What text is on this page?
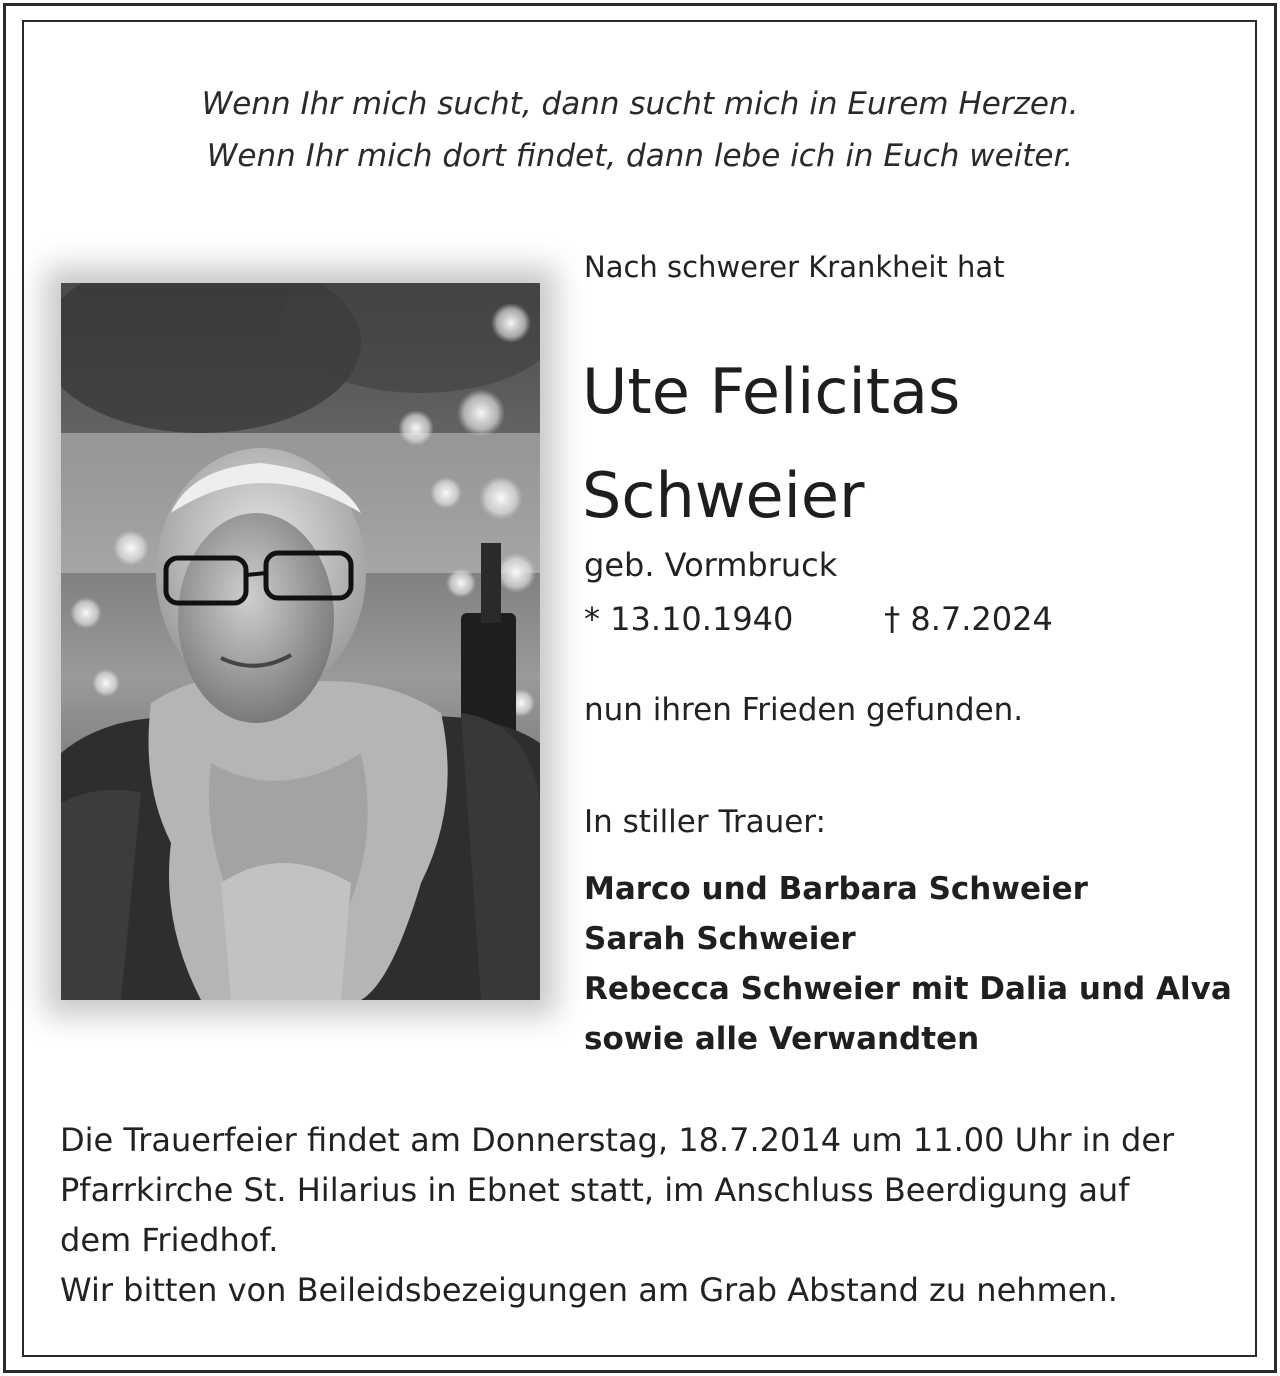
Wenn Ihr mich sucht, dann sucht mich in Eurem Herzen.
Wenn Ihr mich dort findet, dann lebe ich in Euch weiter.
Nach schwerer Krankheit hat
Ute Felicitas
Schweier
geb. Vormbruck
* 13.10.1940	† 8.7.2024
nun ihren Frieden gefunden.
In stiller Trauer:
Marco und Barbara Schweier
Sarah Schweier
Rebecca Schweier mit Dalia und Alva
sowie alle Verwandten
Die Trauerfeier findet am Donnerstag, 18.7.2014 um 11.00 Uhr in der
Pfarrkirche St. Hilarius in Ebnet statt, im Anschluss Beerdigung auf
dem Friedhof.
Wir bitten von Beileidsbezeigungen am Grab Abstand zu nehmen.
